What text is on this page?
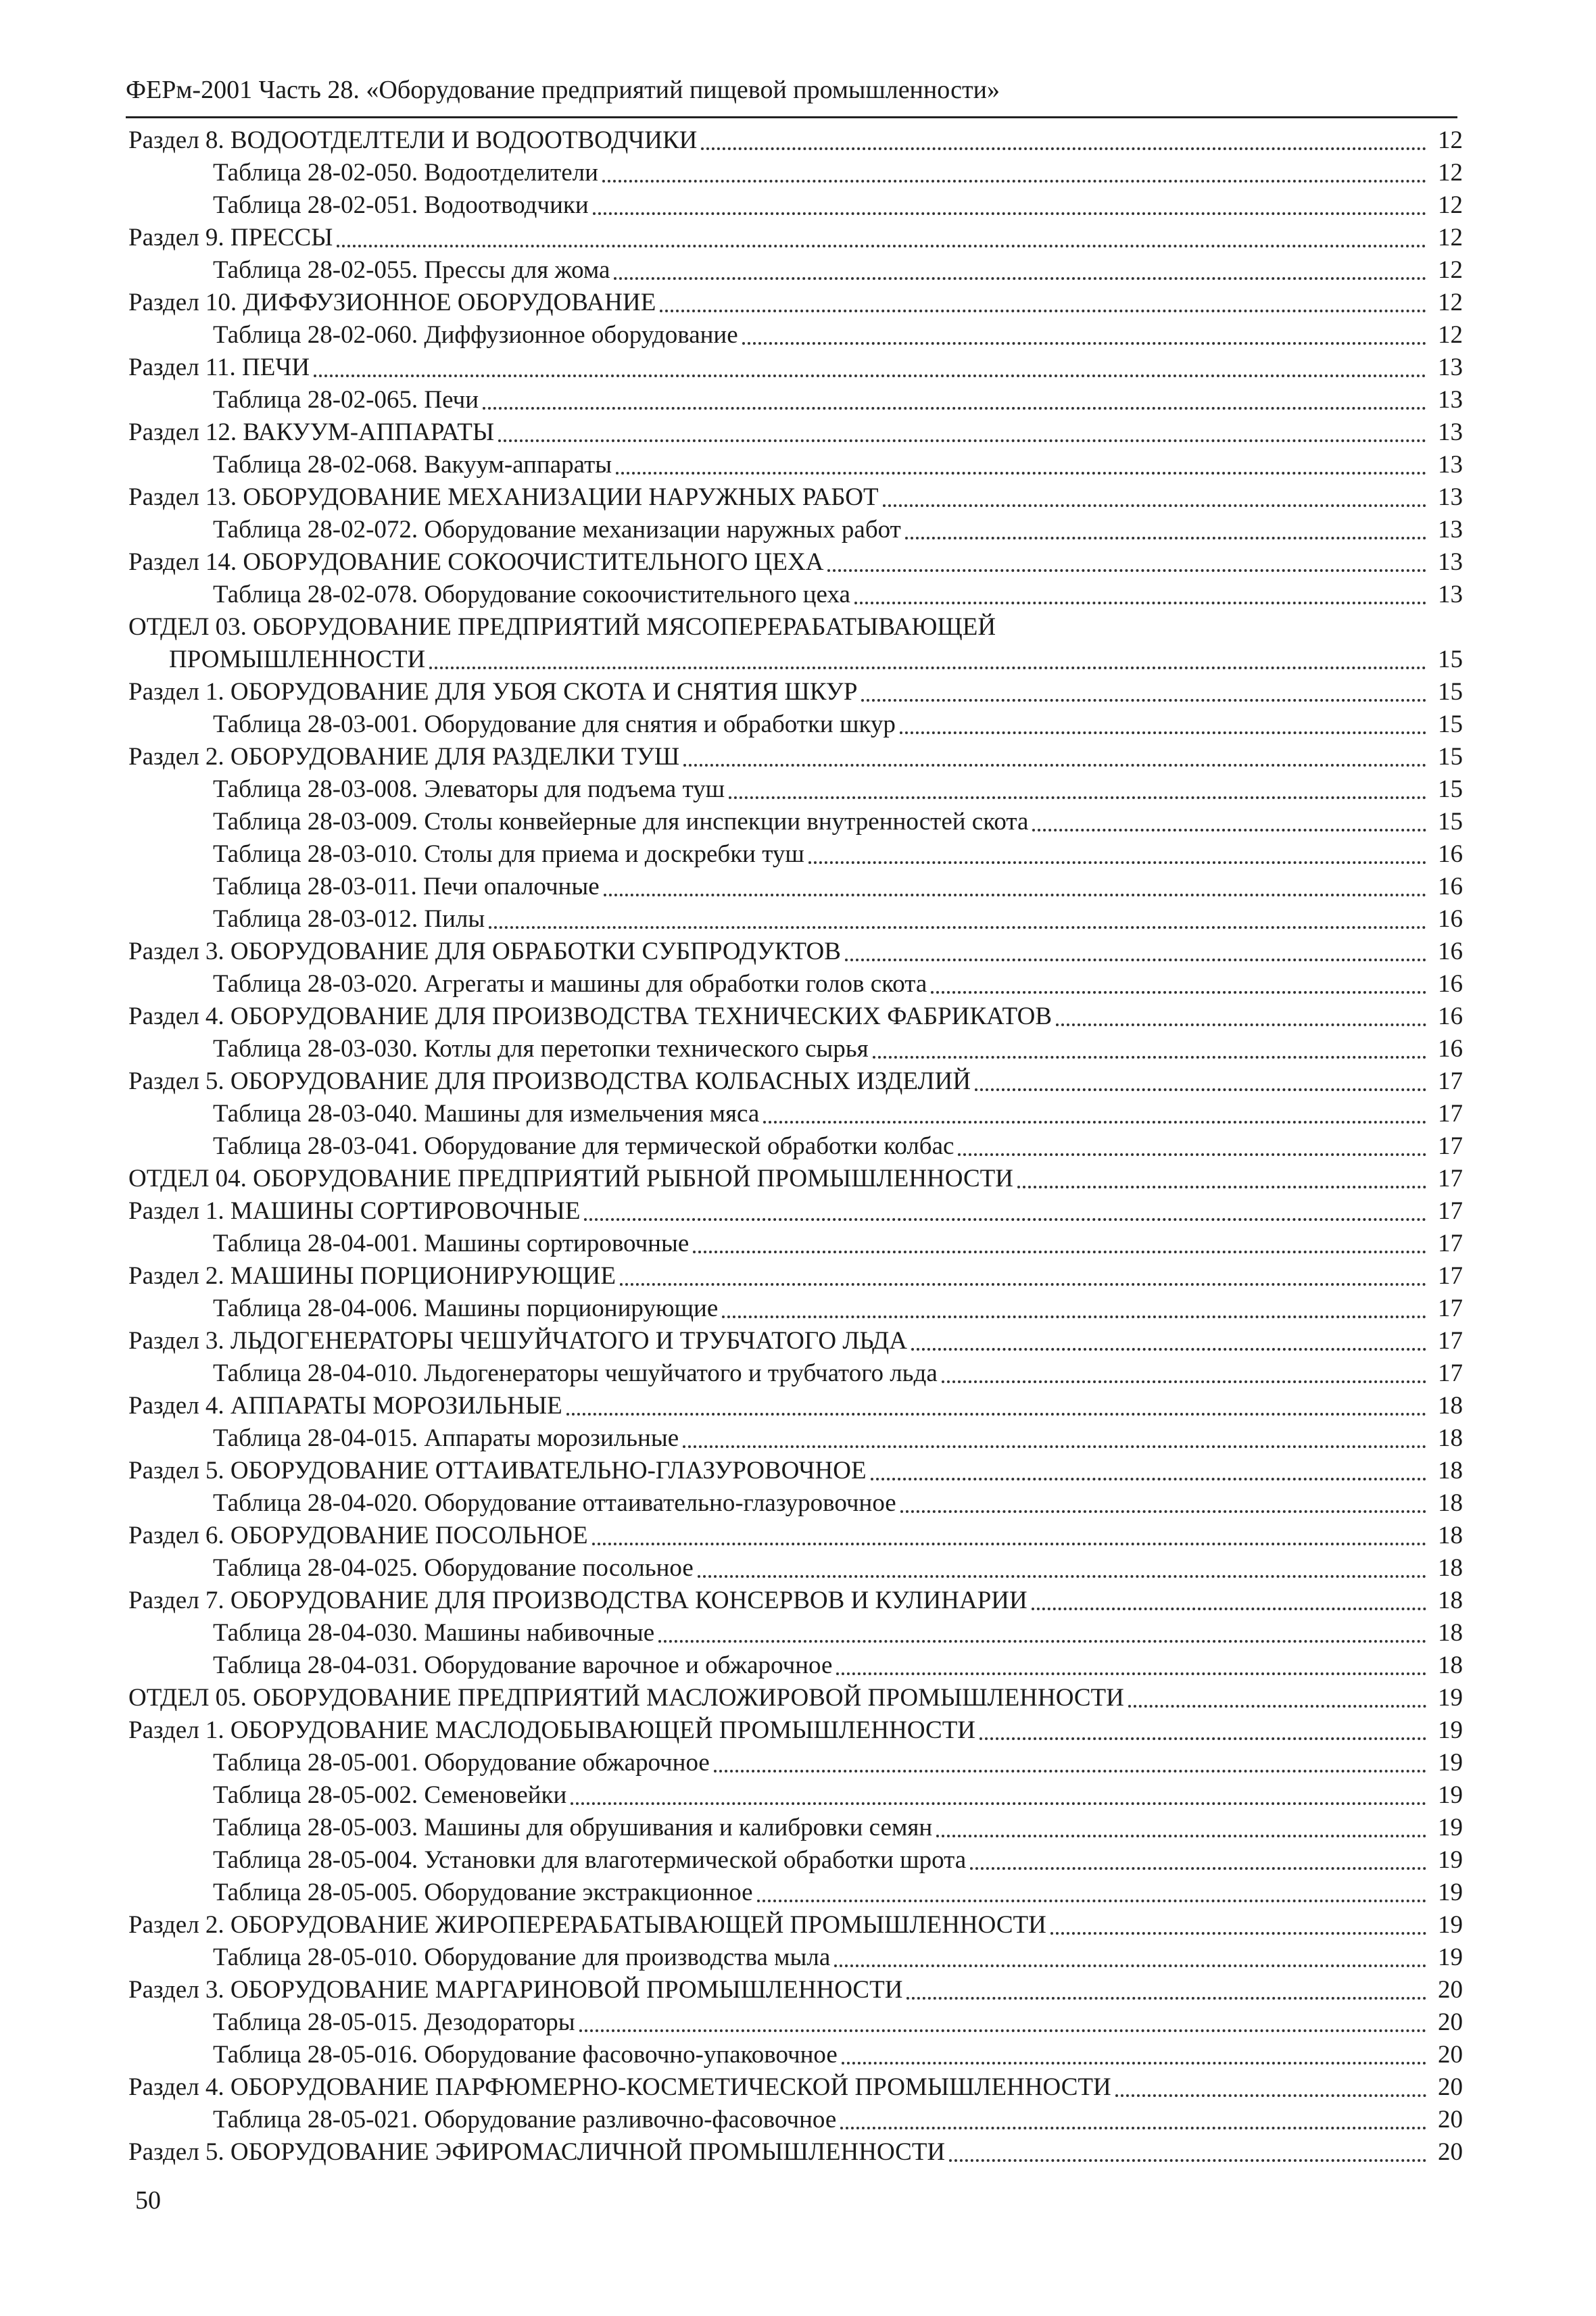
ФЕРм-2001 Часть 28. «Оборудование предприятий пищевой промышленности»
Раздел 8. ВОДООТДЕЛТЕЛИ И ВОДООТВОДЧИКИ	12
Таблица 28-02-050. Водоотделители	12
Таблица 28-02-051. Водоотводчики	12
Раздел 9. ПРЕССЫ	12
Таблица 28-02-055. Прессы для жома	12
Раздел 10. ДИФФУЗИОННОЕ ОБОРУДОВАНИЕ	12
Таблица 28-02-060. Диффузионное оборудование	12
Раздел 11. ПЕЧИ	13
Таблица 28-02-065. Печи	13
Раздел 12. ВАКУУМ-АППАРАТЫ	13
Таблица 28-02-068. Вакуум-аппараты	13
Раздел 13. ОБОРУДОВАНИЕ МЕХАНИЗАЦИИ НАРУЖНЫХ РАБОТ	13
Таблица 28-02-072. Оборудование механизации наружных работ	13
Раздел 14. ОБОРУДОВАНИЕ СОКООЧИСТИТЕЛЬНОГО ЦЕХА	13
Таблица 28-02-078. Оборудование сокоочистительного цеха	13
ОТДЕЛ 03. ОБОРУДОВАНИЕ ПРЕДПРИЯТИЙ МЯСОПЕРЕРАБАТЫВАЮЩЕЙ
ПРОМЫШЛЕННОСТИ	15
Раздел 1. ОБОРУДОВАНИЕ ДЛЯ УБОЯ СКОТА И СНЯТИЯ ШКУР	15
Таблица 28-03-001. Оборудование для снятия и обработки шкур	15
Раздел 2. ОБОРУДОВАНИЕ ДЛЯ РАЗДЕЛКИ ТУШ	15
Таблица 28-03-008. Элеваторы для подъема туш	15
Таблица 28-03-009. Столы конвейерные для инспекции внутренностей скота	15
Таблица 28-03-010. Столы для приема и доскребки туш	16
Таблица 28-03-011. Печи опалочные	16
Таблица 28-03-012. Пилы	16
Раздел 3. ОБОРУДОВАНИЕ ДЛЯ ОБРАБОТКИ СУБПРОДУКТОВ	16
Таблица 28-03-020. Агрегаты и машины для обработки голов скота	16
Раздел 4. ОБОРУДОВАНИЕ ДЛЯ ПРОИЗВОДСТВА ТЕХНИЧЕСКИХ ФАБРИКАТОВ	16
Таблица 28-03-030. Котлы для перетопки технического сырья	16
Раздел 5. ОБОРУДОВАНИЕ ДЛЯ ПРОИЗВОДСТВА КОЛБАСНЫХ ИЗДЕЛИЙ	17
Таблица 28-03-040. Машины для измельчения мяса	17
Таблица 28-03-041. Оборудование для термической обработки колбас	17
ОТДЕЛ 04. ОБОРУДОВАНИЕ ПРЕДПРИЯТИЙ РЫБНОЙ ПРОМЫШЛЕННОСТИ	17
Раздел 1. МАШИНЫ СОРТИРОВОЧНЫЕ	17
Таблица 28-04-001. Машины сортировочные	17
Раздел 2. МАШИНЫ ПОРЦИОНИРУЮЩИЕ	17
Таблица 28-04-006. Машины порционирующие	17
Раздел 3. ЛЬДОГЕНЕРАТОРЫ ЧЕШУЙЧАТОГО И ТРУБЧАТОГО ЛЬДА	17
Таблица 28-04-010. Льдогенераторы чешуйчатого и трубчатого льда	17
Раздел 4. АППАРАТЫ МОРОЗИЛЬНЫЕ	18
Таблица 28-04-015. Аппараты морозильные	18
Раздел 5. ОБОРУДОВАНИЕ ОТТАИВАТЕЛЬНО-ГЛАЗУРОВОЧНОЕ	18
Таблица 28-04-020. Оборудование оттаивательно-глазуровочное	18
Раздел 6. ОБОРУДОВАНИЕ ПОСОЛЬНОЕ	18
Таблица 28-04-025. Оборудование посольное	18
Раздел 7. ОБОРУДОВАНИЕ ДЛЯ ПРОИЗВОДСТВА КОНСЕРВОВ И КУЛИНАРИИ	18
Таблица 28-04-030. Машины набивочные	18
Таблица 28-04-031. Оборудование варочное и обжарочное	18
ОТДЕЛ 05. ОБОРУДОВАНИЕ ПРЕДПРИЯТИЙ МАСЛОЖИРОВОЙ ПРОМЫШЛЕННОСТИ	19
Раздел 1. ОБОРУДОВАНИЕ МАСЛОДОБЫВАЮЩЕЙ ПРОМЫШЛЕННОСТИ	19
Таблица 28-05-001. Оборудование обжарочное	19
Таблица 28-05-002. Семеновейки	19
Таблица 28-05-003. Машины для обрушивания и калибровки семян	19
Таблица 28-05-004. Установки для влаготермической обработки шрота	19
Таблица 28-05-005. Оборудование экстракционное	19
Раздел 2. ОБОРУДОВАНИЕ ЖИРОПЕРЕРАБАТЫВАЮЩЕЙ ПРОМЫШЛЕННОСТИ	19
Таблица 28-05-010. Оборудование для производства мыла	19
Раздел 3. ОБОРУДОВАНИЕ МАРГАРИНОВОЙ ПРОМЫШЛЕННОСТИ	20
Таблица 28-05-015. Дезодораторы	20
Таблица 28-05-016. Оборудование фасовочно-упаковочное	20
Раздел 4. ОБОРУДОВАНИЕ ПАРФЮМЕРНО-КОСМЕТИЧЕСКОЙ ПРОМЫШЛЕННОСТИ	20
Таблица 28-05-021. Оборудование разливочно-фасовочное	20
Раздел 5. ОБОРУДОВАНИЕ ЭФИРОМАСЛИЧНОЙ ПРОМЫШЛЕННОСТИ	20
50
